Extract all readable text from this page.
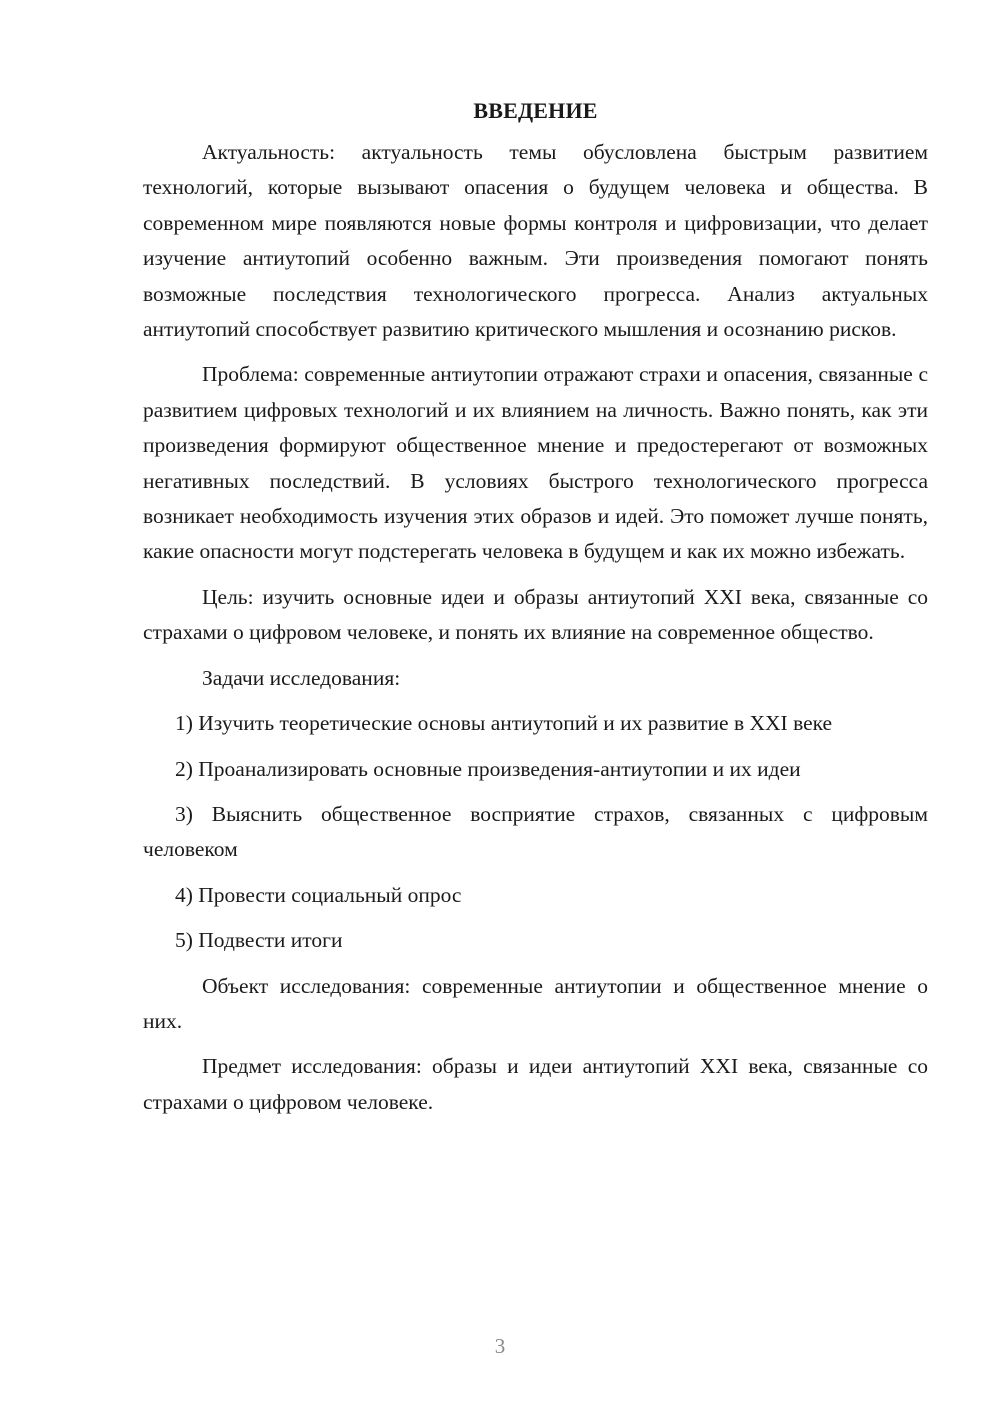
ВВЕДЕНИЕ

Актуальность: актуальность темы обусловлена быстрым развитием технологий, которые вызывают опасения о будущем человека и общества. В современном мире появляются новые формы контроля и цифровизации, что делает изучение антиутопий особенно важным. Эти произведения помогают понять возможные последствия технологического прогресса. Анализ актуальных антиутопий способствует развитию критического мышления и осознанию рисков.

Проблема: современные антиутопии отражают страхи и опасения, связанные с развитием цифровых технологий и их влиянием на личность. Важно понять, как эти произведения формируют общественное мнение и предостерегают от возможных негативных последствий. В условиях быстрого технологического прогресса возникает необходимость изучения этих образов и идей. Это поможет лучше понять, какие опасности могут подстерегать человека в будущем и как их можно избежать.

Цель: изучить основные идеи и образы антиутопий XXI века, связанные со страхами о цифровом человеке, и понять их влияние на современное общество.

Задачи исследования:

1) Изучить теоретические основы антиутопий и их развитие в XXI веке

2) Проанализировать основные произведения-антиутопии и их идеи

3) Выяснить общественное восприятие страхов, связанных с цифровым человеком

4) Провести социальный опрос

5) Подвести итоги

Объект исследования: современные антиутопии и общественное мнение о них.

Предмет исследования: образы и идеи антиутопий XXI века, связанные со страхами о цифровом человеке.

3
